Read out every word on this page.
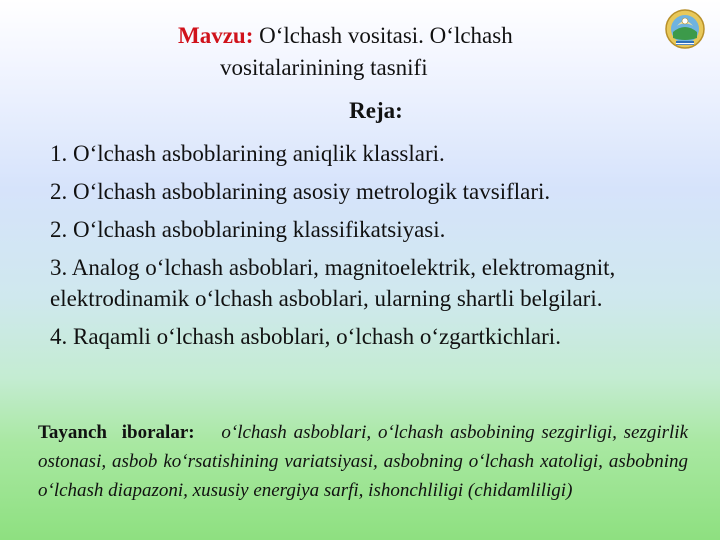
Mavzu: O‘lchash vositasi. O‘lchash
vositalarinining tasnifi
Reja:
1. O‘lchash asboblarining aniqlik klasslari.
2. O‘lchash asboblarining asosiy metrologik tavsiflari.
2. O‘lchash asboblarining klassifikatsiyasi.
3. Analog o‘lchash asboblari, magnitoelektrik, elektromagnit, elektrodinamik o‘lchash asboblari, ularning shartli belgilari.
4. Raqamli o‘lchash asboblari, o‘lchash o‘zgartkichlari.
Tayanch iboralar: o‘lchash asboblari, o‘lchash asbobining sezgirligi, sezgirlik ostonasi, asbob ko‘rsatishining variatsiyasi, asbobning o‘lchash xatoligi, asbobning o‘lchash diapazoni, xususiy energiya sarfi, ishonchliligi (chidamliligi)
